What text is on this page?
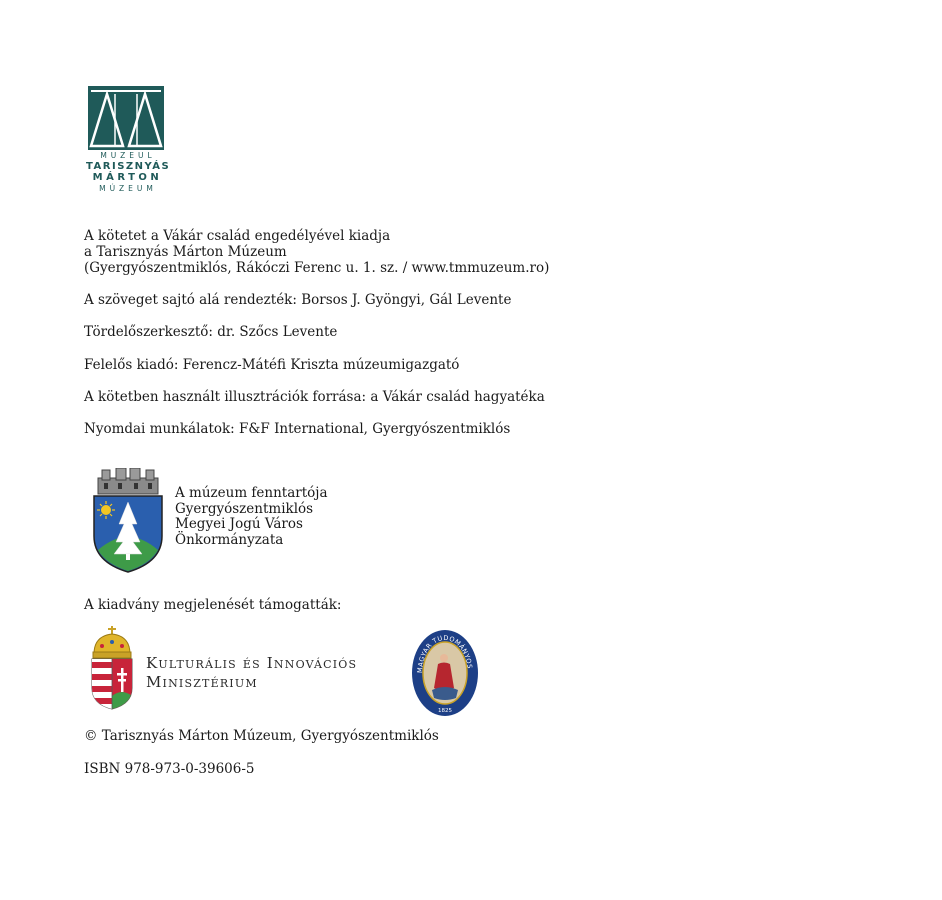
MUZEUL
TARISZNYÁS
MÁRTON
MÚZEUM

A kötetet a Vákár család engedélyével kiadja
a Tarisznyás Márton Múzeum
(Gyergyószentmiklós, Rákóczi Ferenc u. 1. sz. / www.tmmuzeum.ro)

A szöveget sajtó alá rendezték: Borsos J. Gyöngyi, Gál Levente

Tördelőszerkesztő: dr. Szőcs Levente

Felelős kiadó: Ferencz-Mátéfi Kriszta múzeumigazgató

A kötetben használt illusztrációk forrása: a Vákár család hagyatéka

Nyomdai munkálatok: F&F International, Gyergyószentmiklós

A múzeum fenntartója
Gyergyószentmiklós
Megyei Jogú Város
Önkormányzata

A kiadvány megjelenését támogatták:

Kulturális és Innovációs
Minisztérium
MAGYAR TUDOMÁNYOS
1825

© Tarisznyás Márton Múzeum, Gyergyószentmiklós

ISBN 978-973-0-39606-5
